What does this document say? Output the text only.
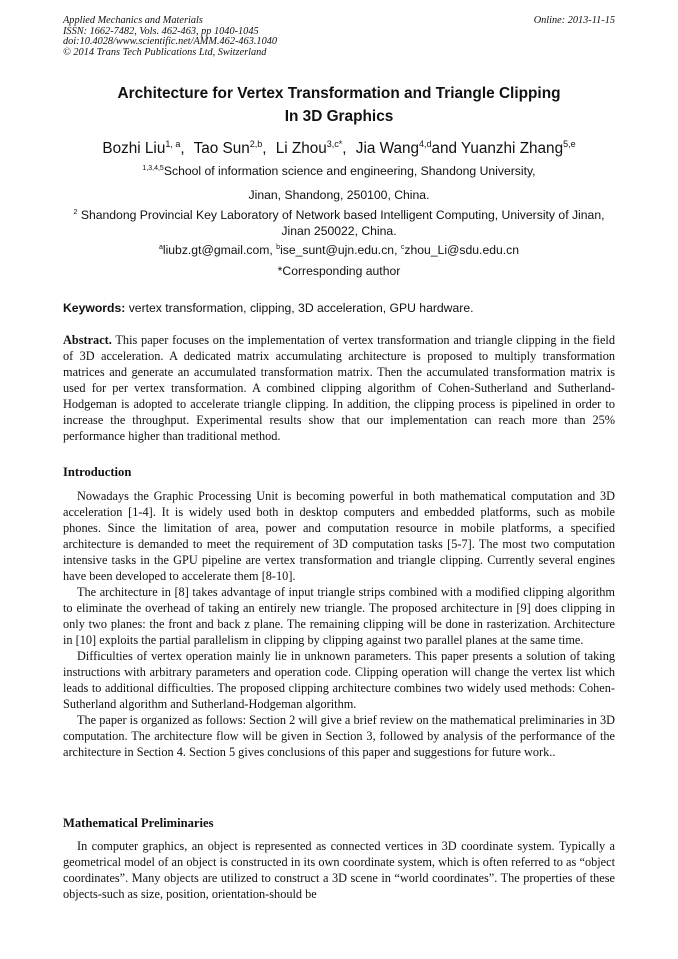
Applied Mechanics and Materials
ISSN: 1662-7482, Vols. 462-463, pp 1040-1045
doi:10.4028/www.scientific.net/AMM.462-463.1040
© 2014 Trans Tech Publications Ltd, Switzerland
Online: 2013-11-15
Architecture for Vertex Transformation and Triangle Clipping
In 3D Graphics
Bozhi Liu$^{1, a}$, Tao Sun$^{2,b}$, Li Zhou$^{3,c*}$, Jia Wang$^{4,d}$and Yuanzhi Zhang$^{5,e}$
$^{1,3,4,5}$School of information science and engineering, Shandong University,
Jinan, Shandong, 250100, China.
$^2$ Shandong Provincial Key Laboratory of Network based Intelligent Computing, University of Jinan,
Jinan 250022, China.
$^a$liubz.gt@gmail.com, $^b$ise_sunt@ujn.edu.cn, $^c$zhou_Li@sdu.edu.cn
*Corresponding author
Keywords: vertex transformation, clipping, 3D acceleration, GPU hardware.
Abstract. This paper focuses on the implementation of vertex transformation and triangle clipping in the field of 3D acceleration. A dedicated matrix accumulating architecture is proposed to multiply transformation matrices and generate an accumulated transformation matrix. Then the accumulated transformation matrix is used for per vertex transformation. A combined clipping algorithm of Cohen-Sutherland and Sutherland-Hodgeman is adopted to accelerate triangle clipping. In addition, the clipping process is pipelined in order to increase the throughput. Experimental results show that our implementation can reach more than 25% performance higher than traditional method.
Introduction

Nowadays the Graphic Processing Unit is becoming powerful in both mathematical computation and 3D acceleration [1-4]. It is widely used both in desktop computers and embedded platforms, such as mobile phones. Since the limitation of area, power and computation resource in mobile platforms, a specified architecture is demanded to meet the requirement of 3D computation tasks [5-7]. The most two computation intensive tasks in the GPU pipeline are vertex transformation and triangle clipping. Currently several engines have been developed to accelerate them [8-10].

The architecture in [8] takes advantage of input triangle strips combined with a modified clipping algorithm to eliminate the overhead of taking an entirely new triangle. The proposed architecture in [9] does clipping in only two planes: the front and back z plane. The remaining clipping will be done in rasterization. Architecture in [10] exploits the partial parallelism in clipping by clipping against two parallel planes at the same time.

Difficulties of vertex operation mainly lie in unknown parameters. This paper presents a solution of taking instructions with arbitrary parameters and operation code. Clipping operation will change the vertex list which leads to additional difficulties. The proposed clipping architecture combines two widely used methods: Cohen-Sutherland algorithm and Sutherland-Hodgeman algorithm.

The paper is organized as follows: Section 2 will give a brief review on the mathematical preliminaries in 3D computation. The architecture flow will be given in Section 3, followed by analysis of the performance of the architecture in Section 4. Section 5 gives conclusions of this paper and suggestions for future work..

Mathematical Preliminaries

In computer graphics, an object is represented as connected vertices in 3D coordinate system. Typically a geometrical model of an object is constructed in its own coordinate system, which is often referred to as “object coordinates”. Many objects are utilized to construct a 3D scene in “world coordinates”. The properties of these objects-such as size, position, orientation-should be
